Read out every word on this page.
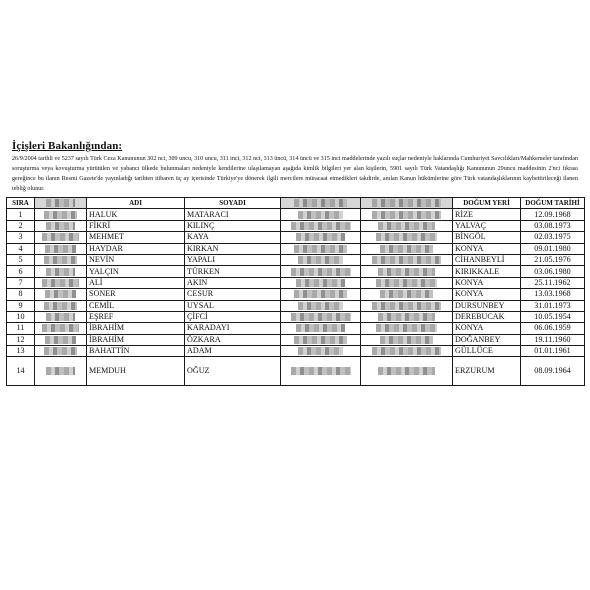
İçişleri Bakanlığından:

26/9/2004 tarihli ve 5237 sayılı Türk Ceza Kanununun 302 nci, 309 uncu, 310 uncu, 311 inci, 312 nci, 313 üncü, 314 üncü ve 315 inci maddelerinde yazılı suçlar nedeniyle haklarında Cumhuriyet Savcılıkları/Mahkemeler tarafından soruşturma veya kovuşturma yürütülen ve yabancı ülkede bulunmaları nedeniyle kendilerine ulaşılamayan aşağıda kimlik bilgileri yer alan kişilerin, 5901 sayılı Türk Vatandaşlığı Kanununun 29uncu maddesinin 2'nci fıkrası gereğince bu ilanın Resmi Gazete'de yayınladığı tarihten itibaren üç ay içerisinde Türkiye'ye dönerek ilgili mercilere müracaat etmedikleri takdirde, anılan Kanun hükümlerine göre Türk vatandaşlıklarının kaybettirileceği ilanen tebliğ olunur.

SIRA		ADI	SOYADI			DOĞUM YERİ	DOĞUM TARİHİ
1		HALUK	MATARACI			RİZE	12.09.1968
2		FİKRİ	KILINÇ			YALVAÇ	03.08.1973
3		MEHMET	KAYA			BİNGÖL	02.03.1975
4		HAYDAR	KIRKAN			KONYA	09.01.1980
5		NEVİN	YAPALI			CİHANBEYLİ	21.05.1976
6		YALÇIN	TÜRKEN			KIRIKKALE	03.06.1980
7		ALİ	AKIN			KONYA	25.11.1962
8		SONER	CESUR			KONYA	13.03.1968
9		CEMİL	UYSAL			DURSUNBEY	31.01.1973
10		EŞREF	ÇİFCİ			DEREBUCAK	10.05.1954
11		İBRAHİM	KARADAYI			KONYA	06.06.1959
12		İBRAHİM	ÖZKARA			DOĞANBEY	19.11.1960
13		BAHATTİN	ADAM			GÜLLÜCE	01.01.1961
14		MEMDUH	OĞUZ			ERZURUM	08.09.1964
